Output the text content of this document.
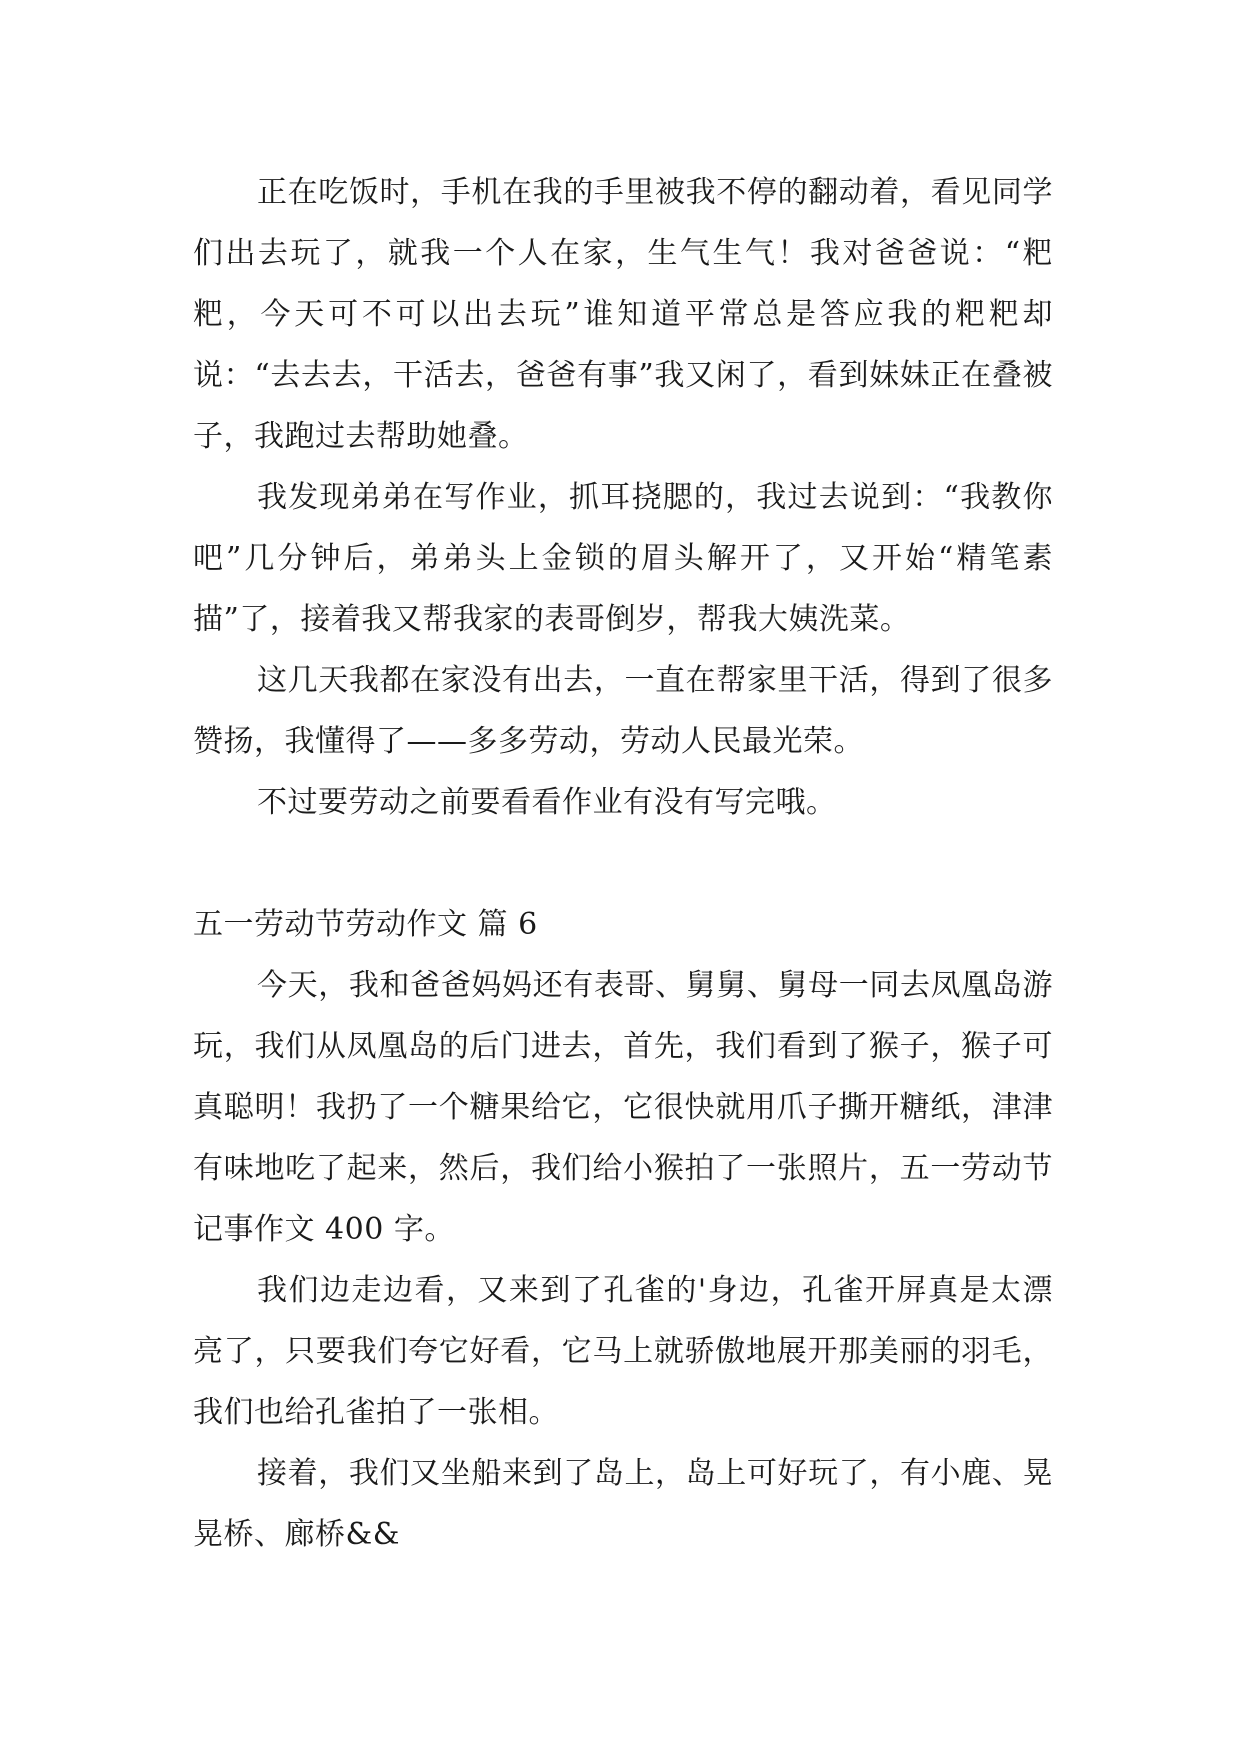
正在吃饭时，手机在我的手里被我不停的翻动着，看见同学们出去玩了，就我一个人在家，生气生气！我对爸爸说：“粑粑，今天可不可以出去玩”谁知道平常总是答应我的粑粑却说：“去去去，干活去，爸爸有事”我又闲了，看到妹妹正在叠被子，我跑过去帮助她叠。

我发现弟弟在写作业，抓耳挠腮的，我过去说到：“我教你吧”几分钟后，弟弟头上金锁的眉头解开了，又开始“精笔素描”了，接着我又帮我家的表哥倒岁，帮我大姨洗菜。

这几天我都在家没有出去，一直在帮家里干活，得到了很多赞扬，我懂得了——多多劳动，劳动人民最光荣。

不过要劳动之前要看看作业有没有写完哦。

五一劳动节劳动作文 篇 6

今天，我和爸爸妈妈还有表哥、舅舅、舅母一同去凤凰岛游玩，我们从凤凰岛的后门进去，首先，我们看到了猴子，猴子可真聪明！我扔了一个糖果给它，它很快就用爪子撕开糖纸，津津有味地吃了起来，然后，我们给小猴拍了一张照片，五一劳动节记事作文 400 字。

我们边走边看，又来到了孔雀的'身边，孔雀开屏真是太漂亮了，只要我们夸它好看，它马上就骄傲地展开那美丽的羽毛，我们也给孔雀拍了一张相。

接着，我们又坐船来到了岛上，岛上可好玩了，有小鹿、晃晃桥、廊桥&&
